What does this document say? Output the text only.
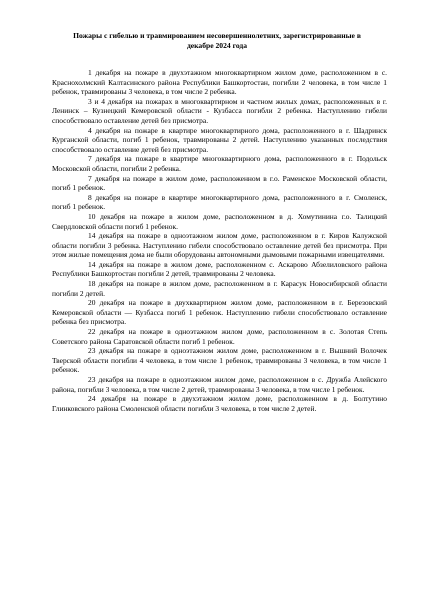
Пожары с гибелью и травмированием несовершеннолетних, зарегистрированные в декабре 2024 года

1 декабря на пожаре в двухэтажном многоквартирном жилом доме, расположенном в с. Краснохолмский Калтасинского района Республики Башкортостан, погибли 2 человека, в том числе 1 ребенок, травмированы 3 человека, в том числе 2 ребенка.

3 и 4 декабря на пожарах в многоквартирном и частном жилых домах, расположенных в г. Ленинск – Кузнецкий Кемеровской области - Кузбасса погибли 2 ребенка. Наступлению гибели способствовало оставление детей без присмотра.

4 декабря на пожаре в квартире многоквартирного дома, расположенного в г. Шадринск Курганской области, погиб 1 ребенок, травмированы 2 детей. Наступлению указанных последствия способствовало оставление детей без присмотра.

7 декабря на пожаре в квартире многоквартирного дома, расположенного в г. Подольск Московской области, погибли 2 ребенка.

7 декабря на пожаре в жилом доме, расположенном в г.о. Раменское Московской области, погиб 1 ребенок.

8 декабря на пожаре в квартире многоквартирного дома, расположенного в г. Смоленск, погиб 1 ребенок.

10 декабря на пожаре в жилом доме, расположенном в д. Хомутинина г.о. Талицкий Свердловской области погиб 1 ребенок.

14 декабря на пожаре в одноэтажном жилом доме, расположенном в г. Киров Калужской области погибли 3 ребенка. Наступлению гибели способствовало оставление детей без присмотра. При этом жилые помещения дома не были оборудованы автономными дымовыми пожарными извещателями.

14 декабря на пожаре в жилом доме, расположенном с. Аскарово Абзелиловского района Республики Башкортостан погибли 2 детей, травмированы 2 человека.

18 декабря на пожаре в жилом доме, расположенном в г. Карасук Новосибирской области погибли 2 детей.

20 декабря на пожаре в двухквартирном жилом доме, расположенном в г. Березовский Кемеровской области — Кузбасса погиб 1 ребенок. Наступлению гибели способствовало оставление ребенка без присмотра.

22 декабря на пожаре в одноэтажном жилом доме, расположенном в с. Золотая Степь Советского района Саратовской области погиб 1 ребенок.

23 декабря на пожаре в одноэтажном жилом доме, расположенном в г. Вышний Волочек Тверской области погибли 4 человека, в том числе 1 ребенок, травмированы 3 человека, в том числе 1 ребенок.

23 декабря на пожаре в одноэтажном жилом доме, расположенном в с. Дружба Алейского района, погибли 3 человека, в том числе 2 детей, травмированы 3 человека, в том числе 1 ребенок.

24 декабря на пожаре в двухэтажном жилом доме, расположенном в д. Болтутино Глинковского района Смоленской области погибли 3 человека, в том числе 2 детей.
